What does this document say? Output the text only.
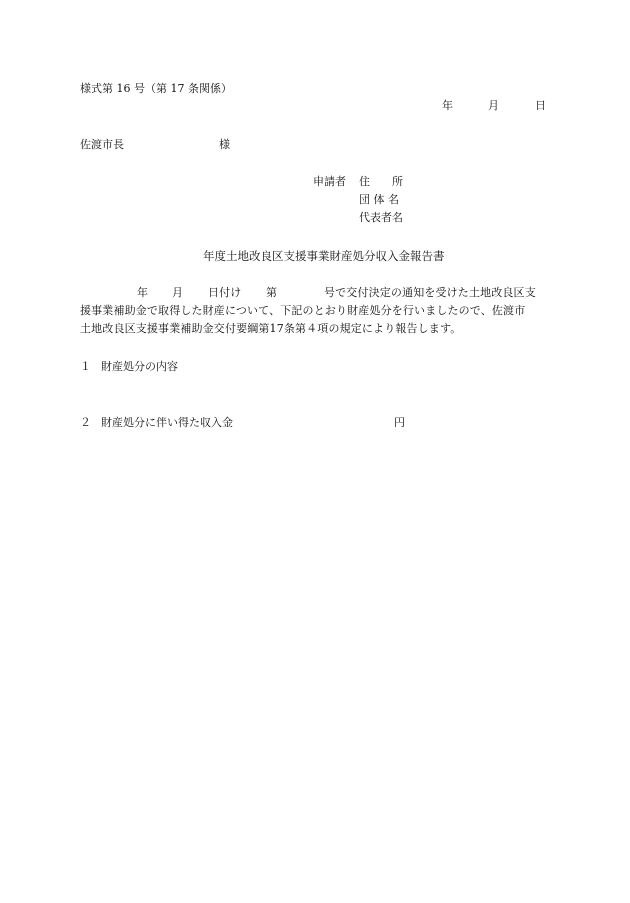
様式第 16 号（第 17 条関係）
年	月	日
佐渡市長	様
申請者 住　　所
団 体 名
代表者名
年度土地改良区支援事業財産処分収入金報告書
年 月 日付け 第	号で交付決定の通知を受けた土地改良区支
援事業補助金で取得した財産について、下記のとおり財産処分を行いましたので、佐渡市
土地改良区支援事業補助金交付要綱第17条第４項の規定により報告します。
１ 財産処分の内容
２ 財産処分に伴い得た収入金	円
